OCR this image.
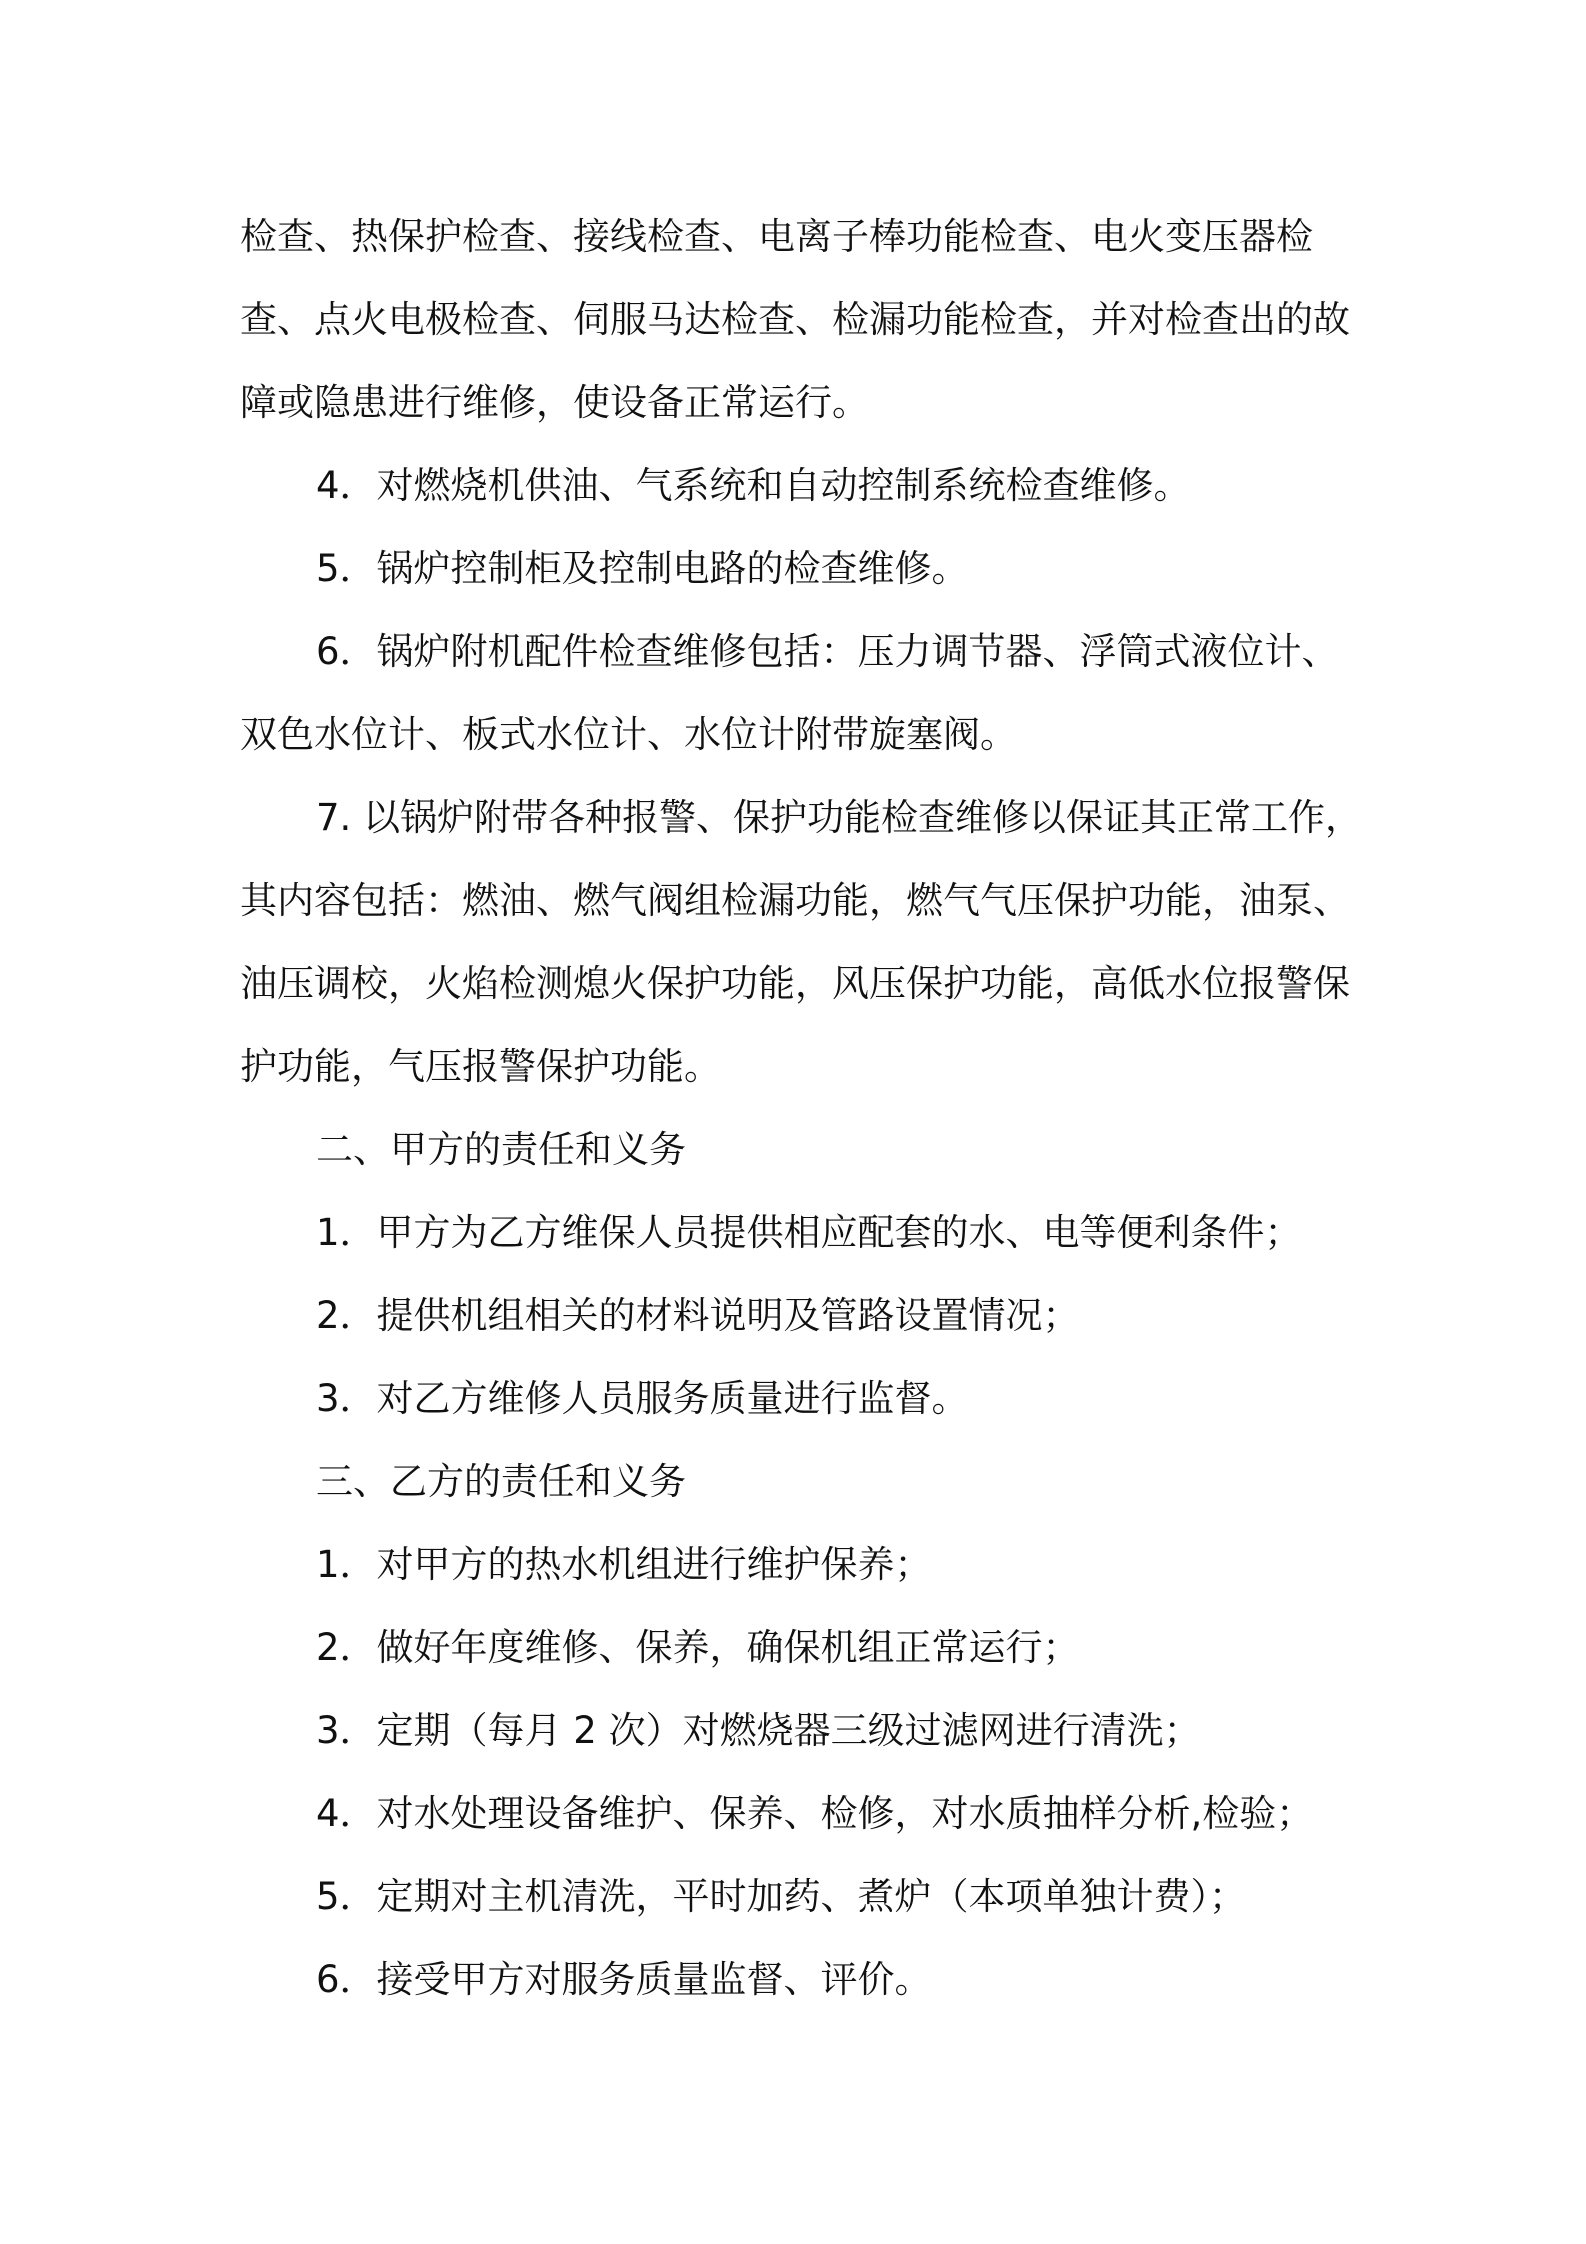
检查、热保护检查、接线检查、电离子棒功能检查、电火变压器检查、点火电极检查、伺服马达检查、检漏功能检查，并对检查出的故障或隐患进行维修，使设备正常运行。

4．对燃烧机供油、气系统和自动控制系统检查维修。

5．锅炉控制柜及控制电路的检查维修。

6．锅炉附机配件检查维修包括：压力调节器、浮筒式液位计、双色水位计、板式水位计、水位计附带旋塞阀。

7. 以锅炉附带各种报警、保护功能检查维修以保证其正常工作，其内容包括：燃油、燃气阀组检漏功能，燃气气压保护功能，油泵、油压调校，火焰检测熄火保护功能，风压保护功能，高低水位报警保护功能，气压报警保护功能。

二、甲方的责任和义务

1．甲方为乙方维保人员提供相应配套的水、电等便利条件；

2．提供机组相关的材料说明及管路设置情况；

3．对乙方维修人员服务质量进行监督。

三、乙方的责任和义务

1．对甲方的热水机组进行维护保养；

2．做好年度维修、保养，确保机组正常运行；

3．定期（每月 2 次）对燃烧器三级过滤网进行清洗；

4．对水处理设备维护、保养、检修，对水质抽样分析,检验；

5．定期对主机清洗，平时加药、煮炉（本项单独计费）；

6．接受甲方对服务质量监督、评价。
